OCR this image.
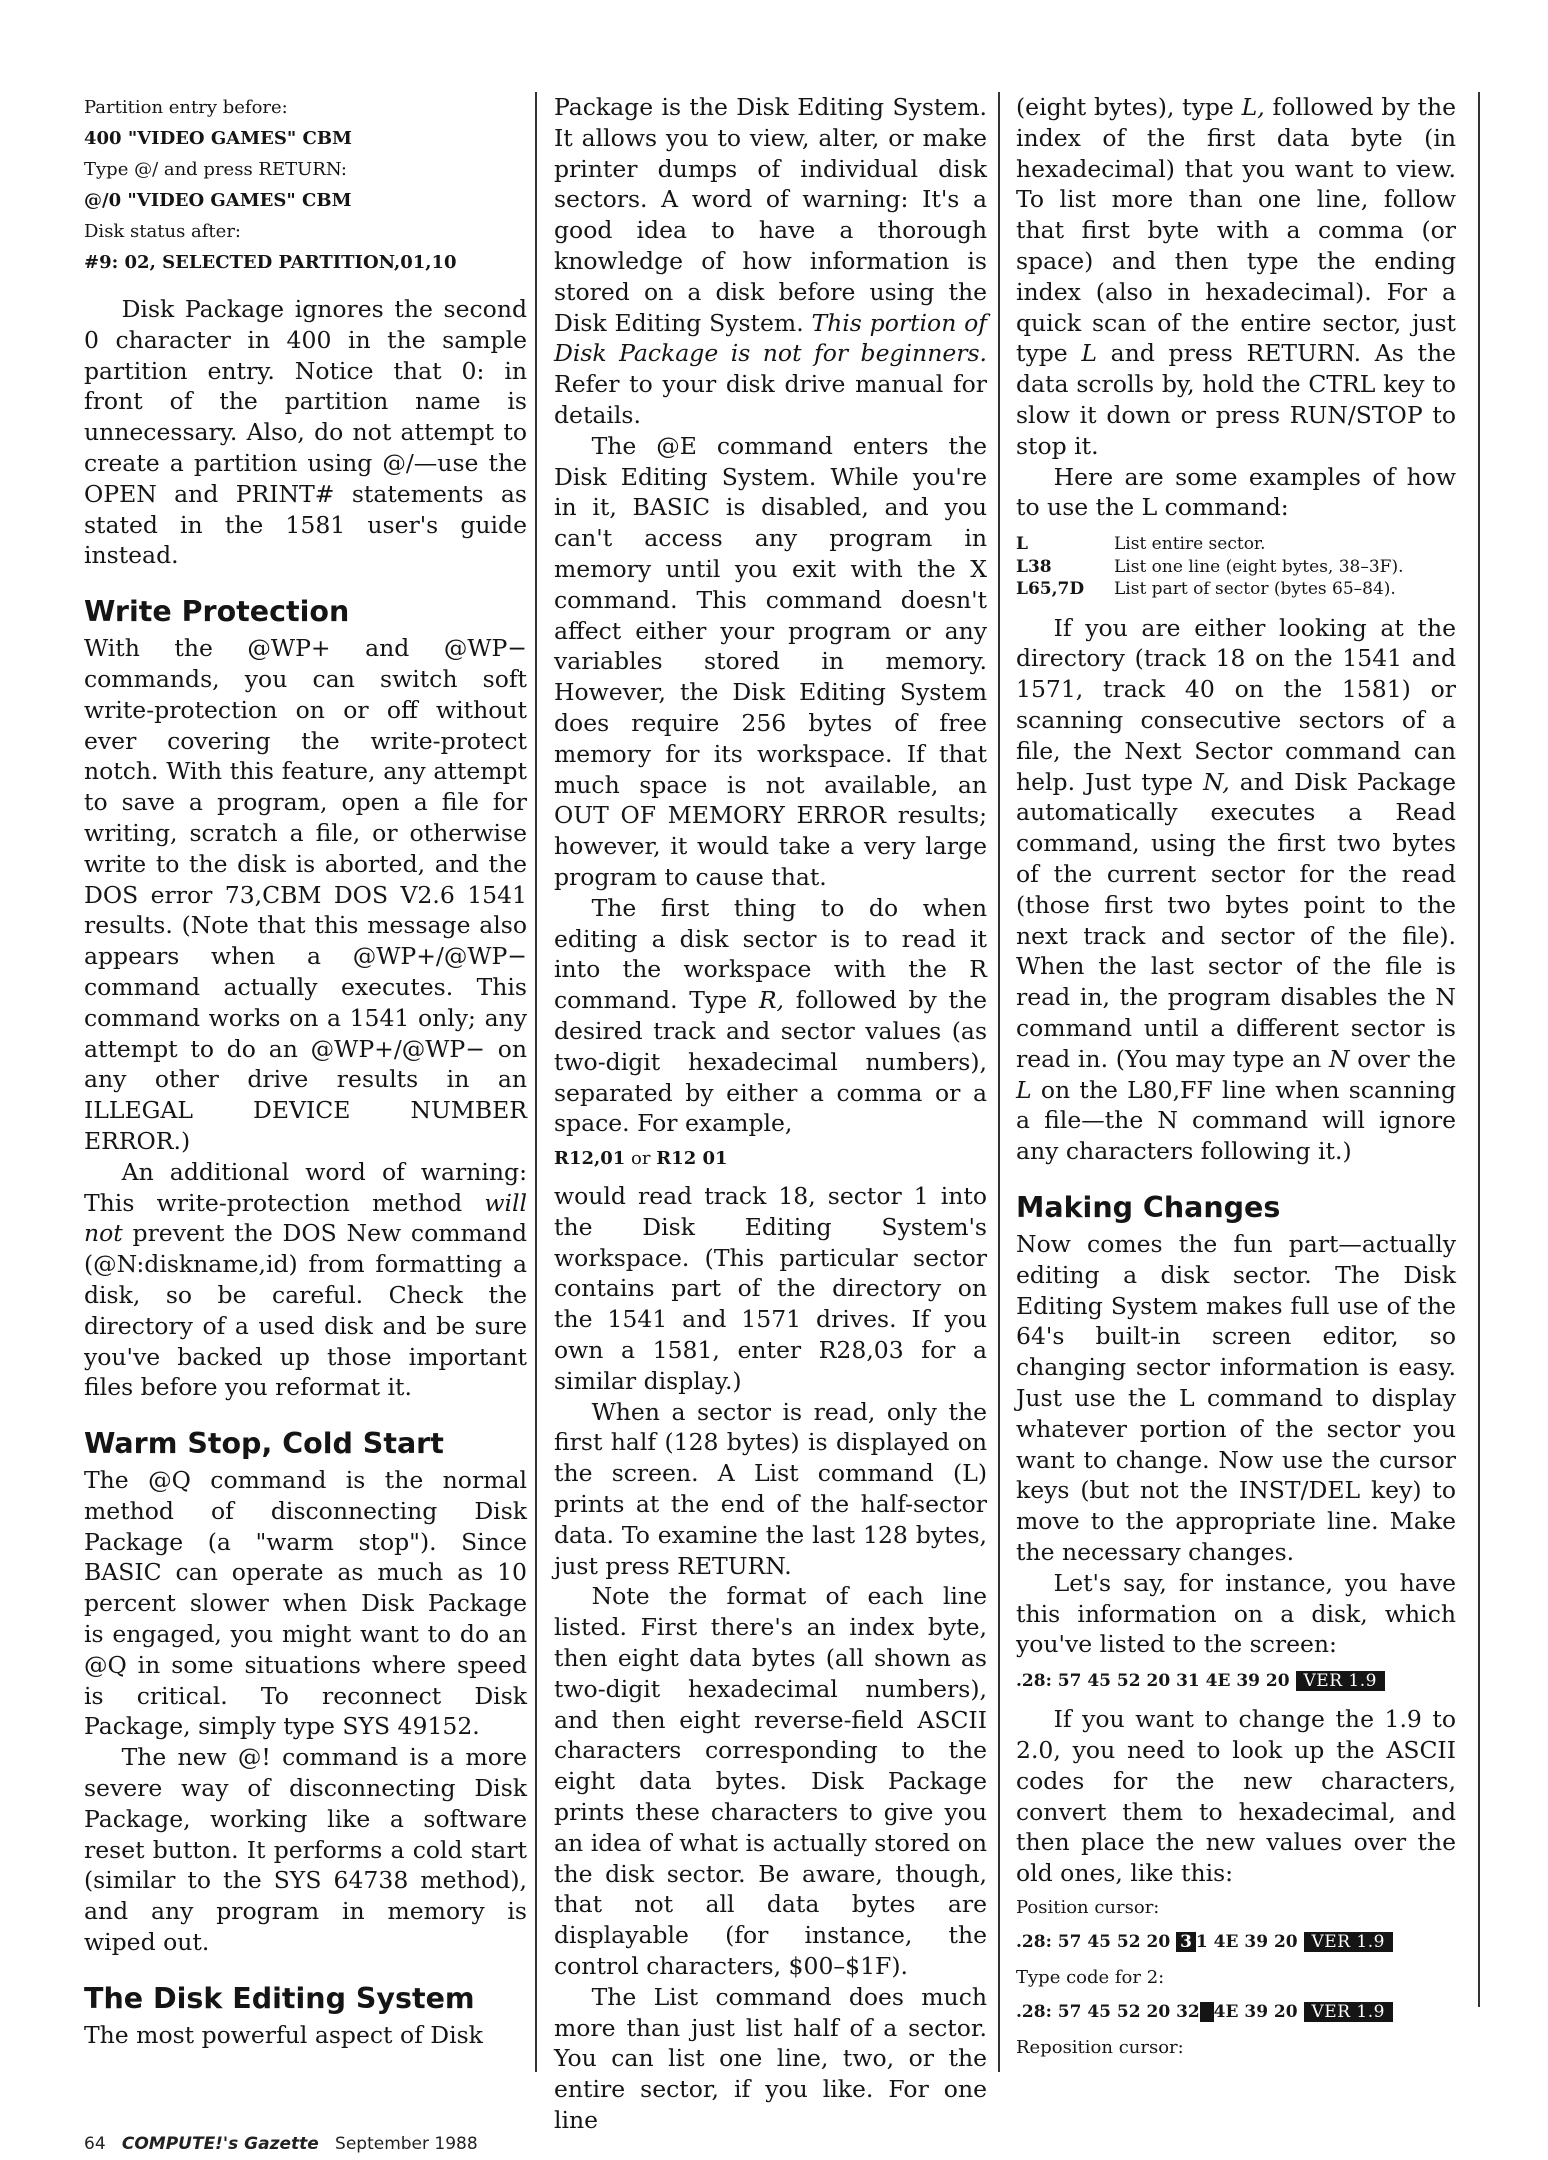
Partition entry before:
400 "VIDEO GAMES" CBM
Type @/ and press RETURN:
@/0 "VIDEO GAMES" CBM
Disk status after:
#9: 02, SELECTED PARTITION,01,10

Disk Package ignores the second 0 character in 400 in the sample partition entry. Notice that 0: in front of the partition name is unnecessary. Also, do not attempt to create a partition using @/—use the OPEN and PRINT# statements as stated in the 1581 user's guide instead.

Write Protection

With the @WP+ and @WP− commands, you can switch soft write-protection on or off without ever covering the write-protect notch. With this feature, any attempt to save a program, open a file for writing, scratch a file, or otherwise write to the disk is aborted, and the DOS error 73,CBM DOS V2.6 1541 results. (Note that this message also appears when a @WP+/@WP− command actually executes. This command works on a 1541 only; any attempt to do an @WP+/@WP− on any other drive results in an ILLEGAL DEVICE NUMBER ERROR.)

An additional word of warning: This write-protection method will not prevent the DOS New command (@N:diskname,id) from formatting a disk, so be careful. Check the directory of a used disk and be sure you've backed up those important files before you reformat it.

Warm Stop, Cold Start

The @Q command is the normal method of disconnecting Disk Package (a "warm stop"). Since BASIC can operate as much as 10 percent slower when Disk Package is engaged, you might want to do an @Q in some situations where speed is critical. To reconnect Disk Package, simply type SYS 49152.

The new @! command is a more severe way of disconnecting Disk Package, working like a software reset button. It performs a cold start (similar to the SYS 64738 method), and any program in memory is wiped out.

The Disk Editing System

The most powerful aspect of Disk

Package is the Disk Editing System. It allows you to view, alter, or make printer dumps of individual disk sectors. A word of warning: It's a good idea to have a thorough knowledge of how information is stored on a disk before using the Disk Editing System. This portion of Disk Package is not for beginners. Refer to your disk drive manual for details.

The @E command enters the Disk Editing System. While you're in it, BASIC is disabled, and you can't access any program in memory until you exit with the X command. This command doesn't affect either your program or any variables stored in memory. However, the Disk Editing System does require 256 bytes of free memory for its workspace. If that much space is not available, an OUT OF MEMORY ERROR results; however, it would take a very large program to cause that.

The first thing to do when editing a disk sector is to read it into the workspace with the R command. Type R, followed by the desired track and sector values (as two-digit hexadecimal numbers), separated by either a comma or a space. For example,

R12,01 or R12 01

would read track 18, sector 1 into the Disk Editing System's workspace. (This particular sector contains part of the directory on the 1541 and 1571 drives. If you own a 1581, enter R28,03 for a similar display.)

When a sector is read, only the first half (128 bytes) is displayed on the screen. A List command (L) prints at the end of the half-sector data. To examine the last 128 bytes, just press RETURN.

Note the format of each line listed. First there's an index byte, then eight data bytes (all shown as two-digit hexadecimal numbers), and then eight reverse-field ASCII characters corresponding to the eight data bytes. Disk Package prints these characters to give you an idea of what is actually stored on the disk sector. Be aware, though, that not all data bytes are displayable (for instance, the control characters, $00–$1F).

The List command does much more than just list half of a sector. You can list one line, two, or the entire sector, if you like. For one line

(eight bytes), type L, followed by the index of the first data byte (in hexadecimal) that you want to view. To list more than one line, follow that first byte with a comma (or space) and then type the ending index (also in hexadecimal). For a quick scan of the entire sector, just type L and press RETURN. As the data scrolls by, hold the CTRL key to slow it down or press RUN/STOP to stop it.

Here are some examples of how to use the L command:

L	List entire sector.
L38	List one line (eight bytes, 38–3F).
L65,7D	List part of sector (bytes 65–84).

If you are either looking at the directory (track 18 on the 1541 and 1571, track 40 on the 1581) or scanning consecutive sectors of a file, the Next Sector command can help. Just type N, and Disk Package automatically executes a Read command, using the first two bytes of the current sector for the read (those first two bytes point to the next track and sector of the file). When the last sector of the file is read in, the program disables the N command until a different sector is read in. (You may type an N over the L on the L80,FF line when scanning a file—the N command will ignore any characters following it.)

Making Changes

Now comes the fun part—actually editing a disk sector. The Disk Editing System makes full use of the 64's built-in screen editor, so changing sector information is easy. Just use the L command to display whatever portion of the sector you want to change. Now use the cursor keys (but not the INST/DEL key) to move to the appropriate line. Make the necessary changes.

Let's say, for instance, you have this information on a disk, which you've listed to the screen:

.28: 57 45 52 20 31 4E 39 20 VER 1.9

If you want to change the 1.9 to 2.0, you need to look up the ASCII codes for the new characters, convert them to hexadecimal, and then place the new values over the old ones, like this:

Position cursor:
.28: 57 45 52 20 3 1 4E 39 20 VER 1.9
Type code for 2:
.28: 57 45 52 20 32 4E 39 20 VER 1.9
Reposition cursor:
64 COMPUTE!'s Gazette September 1988
